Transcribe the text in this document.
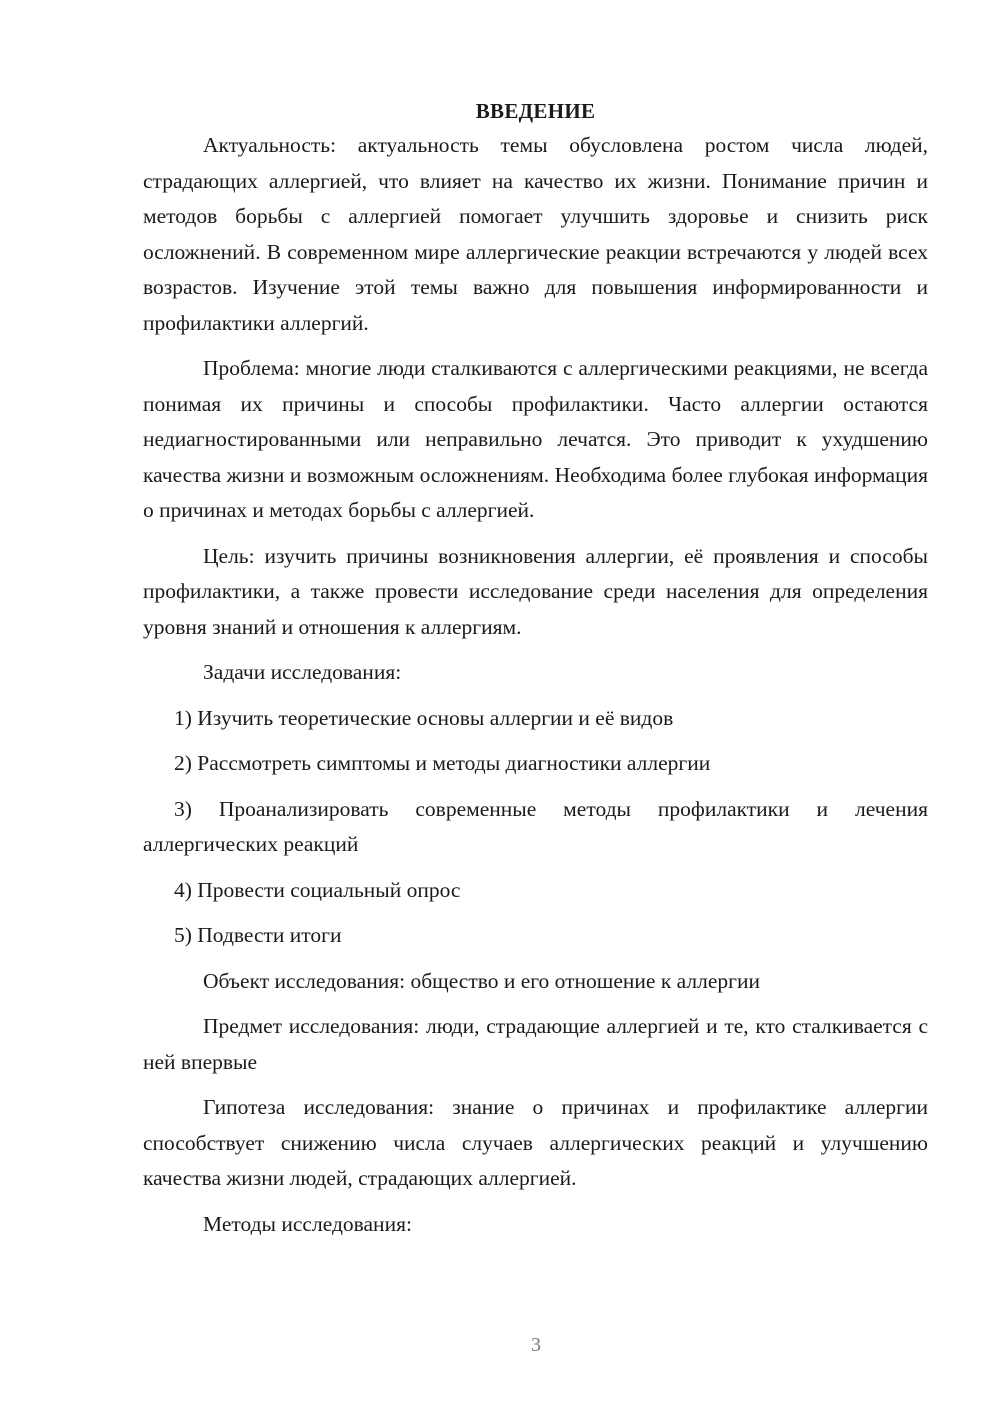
ВВЕДЕНИЕ

Актуальность: актуальность темы обусловлена ростом числа людей, страдающих аллергией, что влияет на качество их жизни. Понимание причин и методов борьбы с аллергией помогает улучшить здоровье и снизить риск осложнений. В современном мире аллергические реакции встречаются у людей всех возрастов. Изучение этой темы важно для повышения информированности и профилактики аллергий.

Проблема: многие люди сталкиваются с аллергическими реакциями, не всегда понимая их причины и способы профилактики. Часто аллергии остаются недиагностированными или неправильно лечатся. Это приводит к ухудшению качества жизни и возможным осложнениям. Необходима более глубокая информация о причинах и методах борьбы с аллергией.

Цель: изучить причины возникновения аллергии, её проявления и способы профилактики, а также провести исследование среди населения для определения уровня знаний и отношения к аллергиям.

Задачи исследования:

1) Изучить теоретические основы аллергии и её видов

2) Рассмотреть симптомы и методы диагностики аллергии

3) Проанализировать современные методы профилактики и лечения аллергических реакций

4) Провести социальный опрос

5) Подвести итоги

Объект исследования: общество и его отношение к аллергии

Предмет исследования: люди, страдающие аллергией и те, кто сталкивается с ней впервые

Гипотеза исследования: знание о причинах и профилактике аллергии способствует снижению числа случаев аллергических реакций и улучшению качества жизни людей, страдающих аллергией.

Методы исследования:

3
